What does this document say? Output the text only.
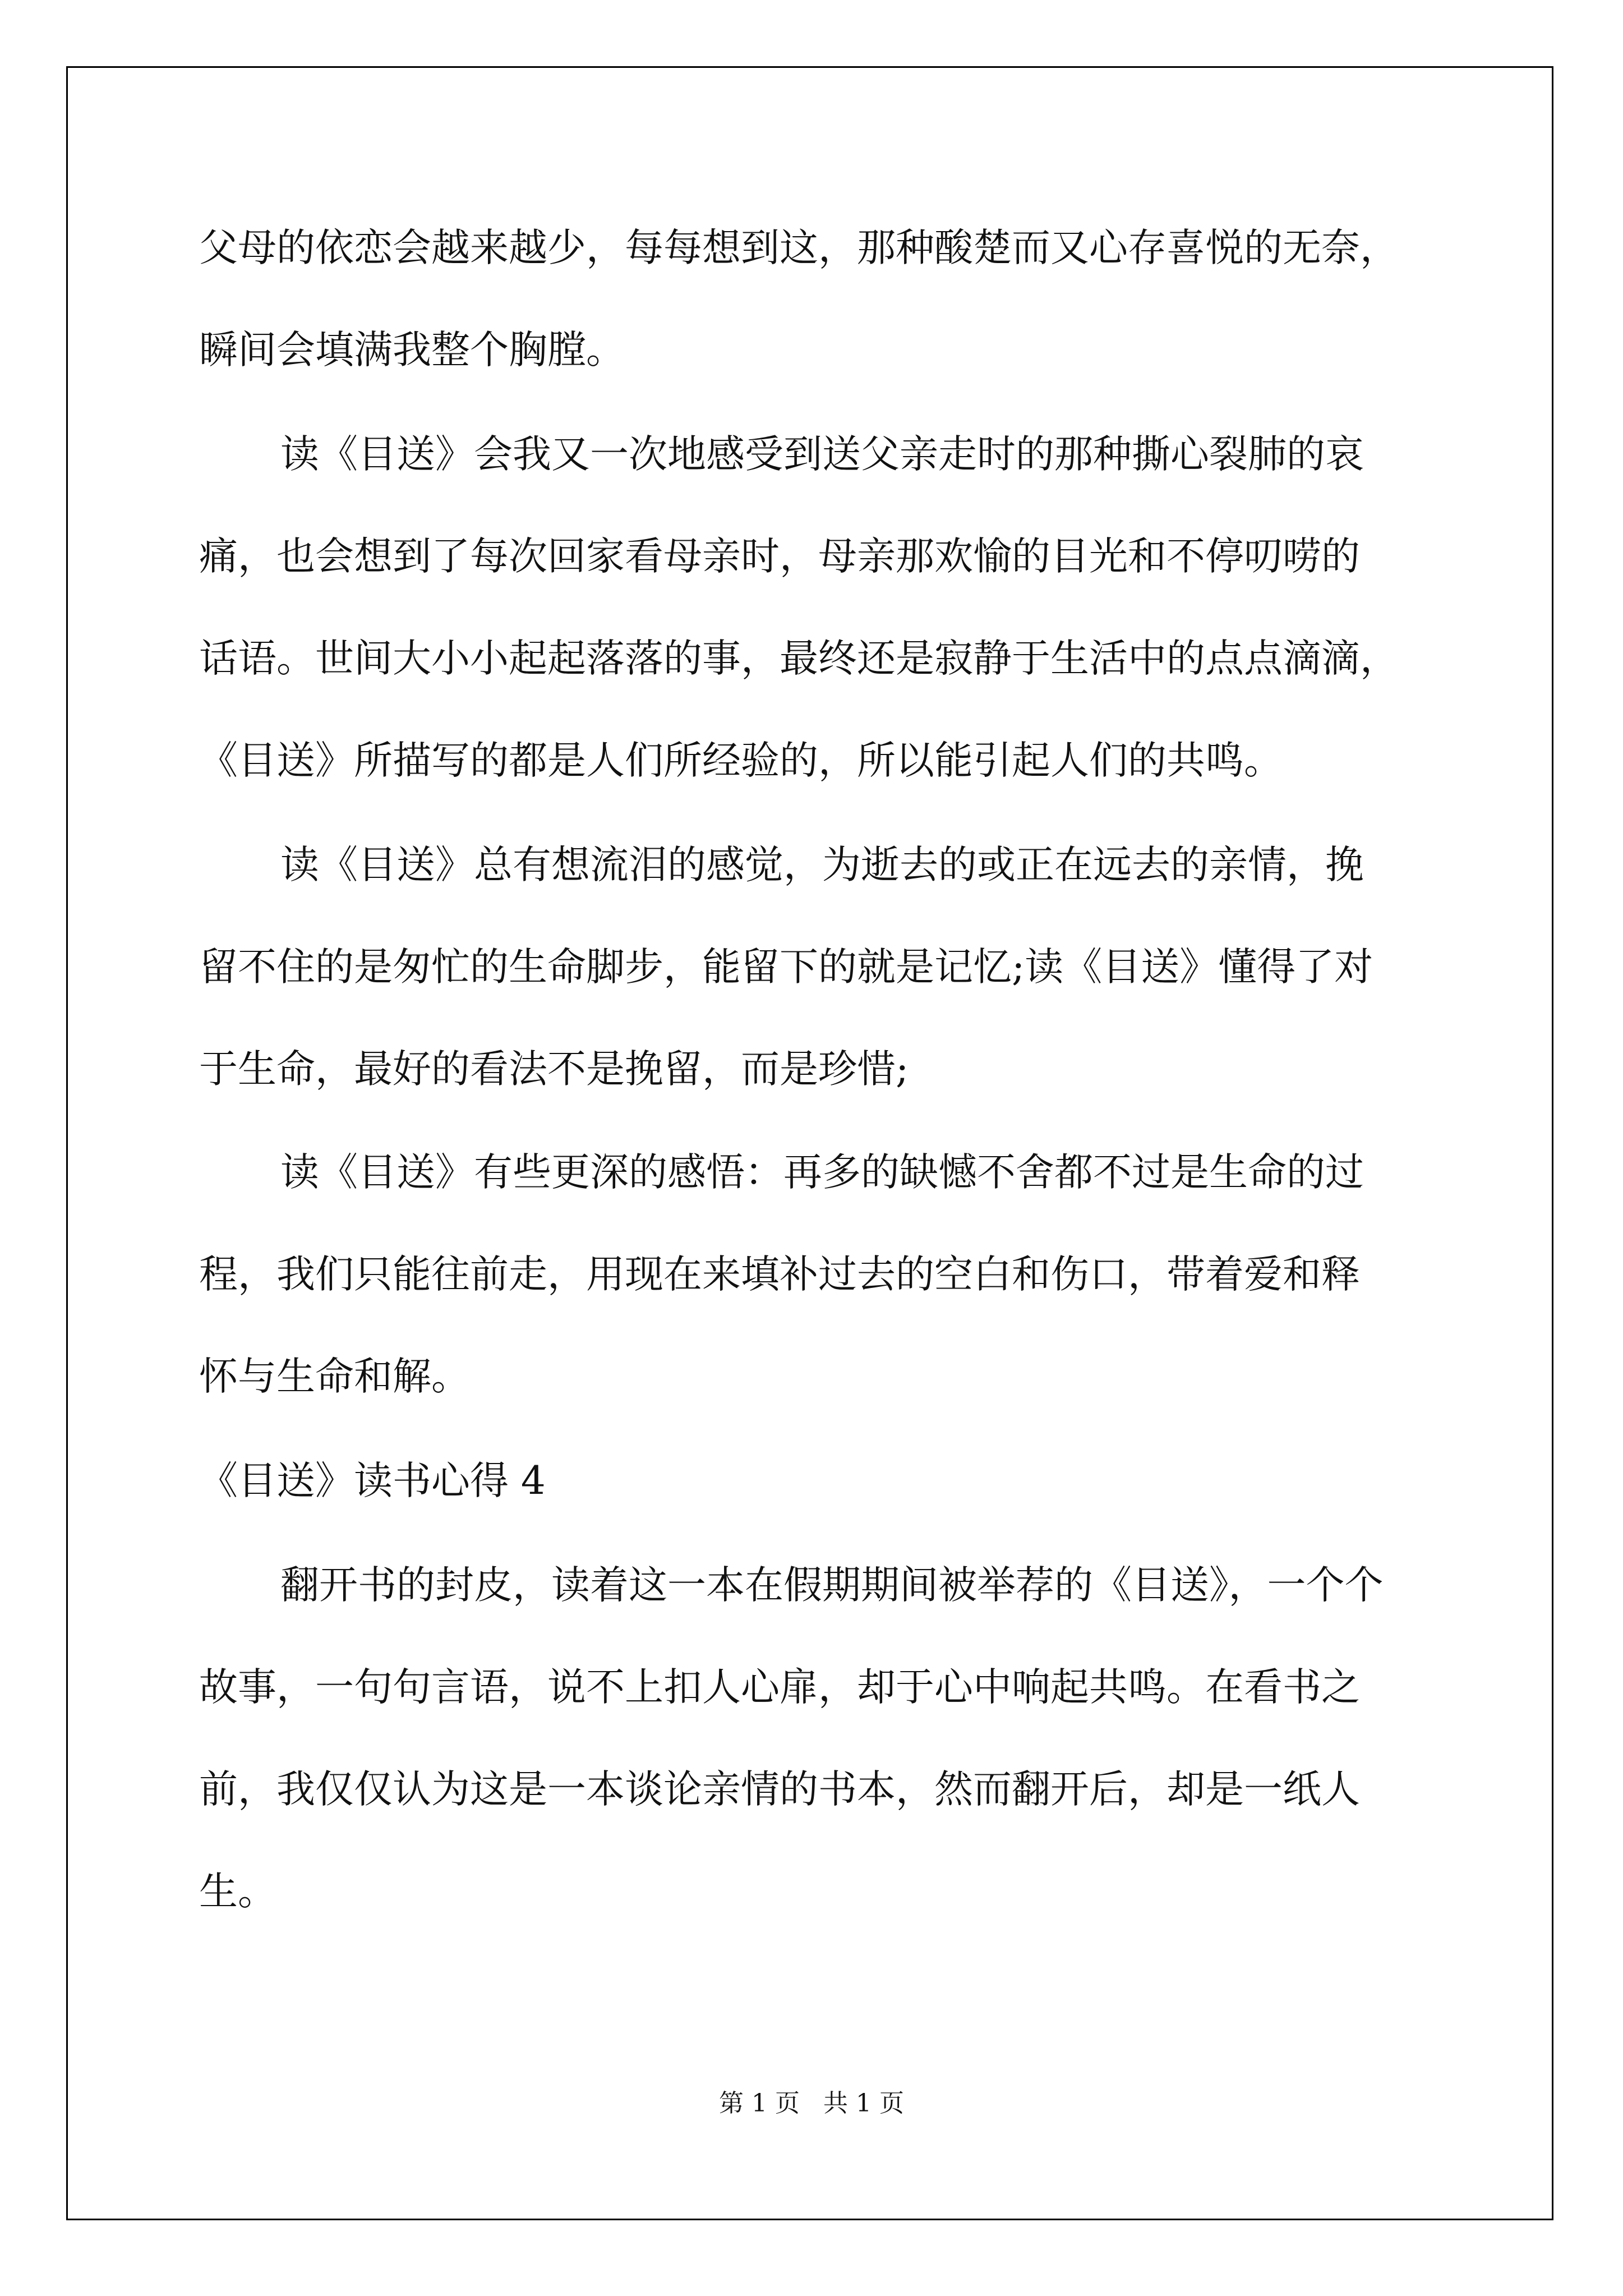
父母的依恋会越来越少，每每想到这，那种酸楚而又心存喜悦的无奈，

瞬间会填满我整个胸膛。

读《目送》会我又一次地感受到送父亲走时的那种撕心裂肺的哀

痛，也会想到了每次回家看母亲时，母亲那欢愉的目光和不停叨唠的

话语。世间大小小起起落落的事，最终还是寂静于生活中的点点滴滴，

《目送》所描写的都是人们所经验的，所以能引起人们的共鸣。

读《目送》总有想流泪的感觉，为逝去的或正在远去的亲情，挽

留不住的是匆忙的生命脚步，能留下的就是记忆;读《目送》懂得了对

于生命，最好的看法不是挽留，而是珍惜;

读《目送》有些更深的感悟：再多的缺憾不舍都不过是生命的过

程，我们只能往前走，用现在来填补过去的空白和伤口，带着爱和释

怀与生命和解。

《目送》读书心得 4

翻开书的封皮，读着这一本在假期期间被举荐的《目送》，一个个

故事，一句句言语，说不上扣人心扉，却于心中响起共鸣。在看书之

前，我仅仅认为这是一本谈论亲情的书本，然而翻开后，却是一纸人

生。

第 1 页   共 1 页
